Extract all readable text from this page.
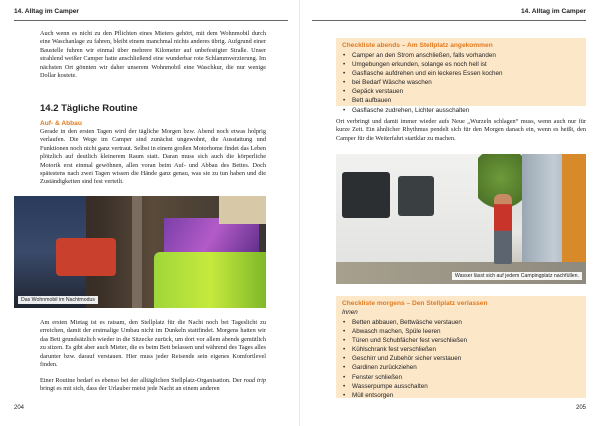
14. Alltag im Camper

Auch wenn es nicht zu den Pflichten eines Mieters gehört, mit dem Wohnmobil durch eine Waschanlage zu fahren, bleibt einem manchmal nichts anderes übrig. Aufgrund einer Baustelle fuhren wir einmal über mehrere Kilometer auf unbefestigter Straße. Unser strahlend weißer Camper hatte anschließend eine wunderbar rote Schlammverzierung. Im nächsten Ort gönnten wir daher unserem Wohnmobil eine Waschkur, die nur wenige Dollar kostete.

14.2 Tägliche Routine
Auf- & Abbau

Gerade in den ersten Tagen wird der tägliche Morgen bzw. Abend noch etwas holprig verlaufen. Die Wege im Camper sind zunächst ungewohnt, die Ausstattung und Funktionen noch nicht ganz vertraut. Selbst in einem großen Motorhome findet das Leben plötzlich auf deutlich kleinerem Raum statt. Daran muss sich auch die körperliche Motorik erst einmal gewöhnen, allen voran beim Auf- und Abbau des Bettes. Doch spätestens nach zwei Tagen wissen die Hände ganz genau, was sie zu tun haben und die Zuständigkeiten sind fest verteilt.

Das Wohnmobil im Nachtmodus

Am ersten Mietag ist es ratsam, den Stellplatz für die Nacht noch bei Tageslicht zu erreichen, damit der erstmalige Umbau nicht im Dunkeln stattfindet. Morgens hatten wir das Bett grundsätzlich wieder in die Sitzecke zurück, um dort vor allem abends gemütlich zu sitzen. Es gibt aber auch Mieter, die es beim Bett belassen und während des Tages alles darunter bzw. darauf verstauen. Hier muss jeder Reisende sein eigenes Komfortlevel finden.

Einer Routine bedarf es ebenso bei der alltäglichen Stellplatz-Organisation. Der road trip bringt es mit sich, dass der Urlauber meist jede Nacht an einem anderen

204
14. Alltag im Camper
Checkliste abends – Am Stellplatz angekommen
• Camper an den Strom anschließen, falls vorhanden
• Umgebungen erkunden, solange es noch hell ist
• Gasflasche aufdrehen und ein leckeres Essen kochen
• bei Bedarf Wäsche waschen
• Gepäck verstauen
• Bett aufbauen
• Gasflasche zudrehen, Lichter ausschalten

Ort verbringt und damit immer wieder aufs Neue „Wurzeln schlagen“ muss, wenn auch nur für kurze Zeit. Ein ähnlicher Rhythmus pendelt sich für den Morgen danach ein, wenn es heißt, den Camper für die Weiterfahrt startklar zu machen.

Wasser lässt sich auf jedem Campingplatz nachfüllen.
Checkliste morgens – Den Stellplatz verlassen
Innen
• Betten abbauen, Bettwäsche verstauen
• Abwasch machen, Spüle leeren
• Türen und Schubfächer fest verschließen
• Kühlschrank fest verschließen
• Geschirr und Zubehör sicher verstauen
• Gardinen zurückziehen
• Fenster schließen
• Wasserpumpe ausschalten
• Müll entsorgen
205
